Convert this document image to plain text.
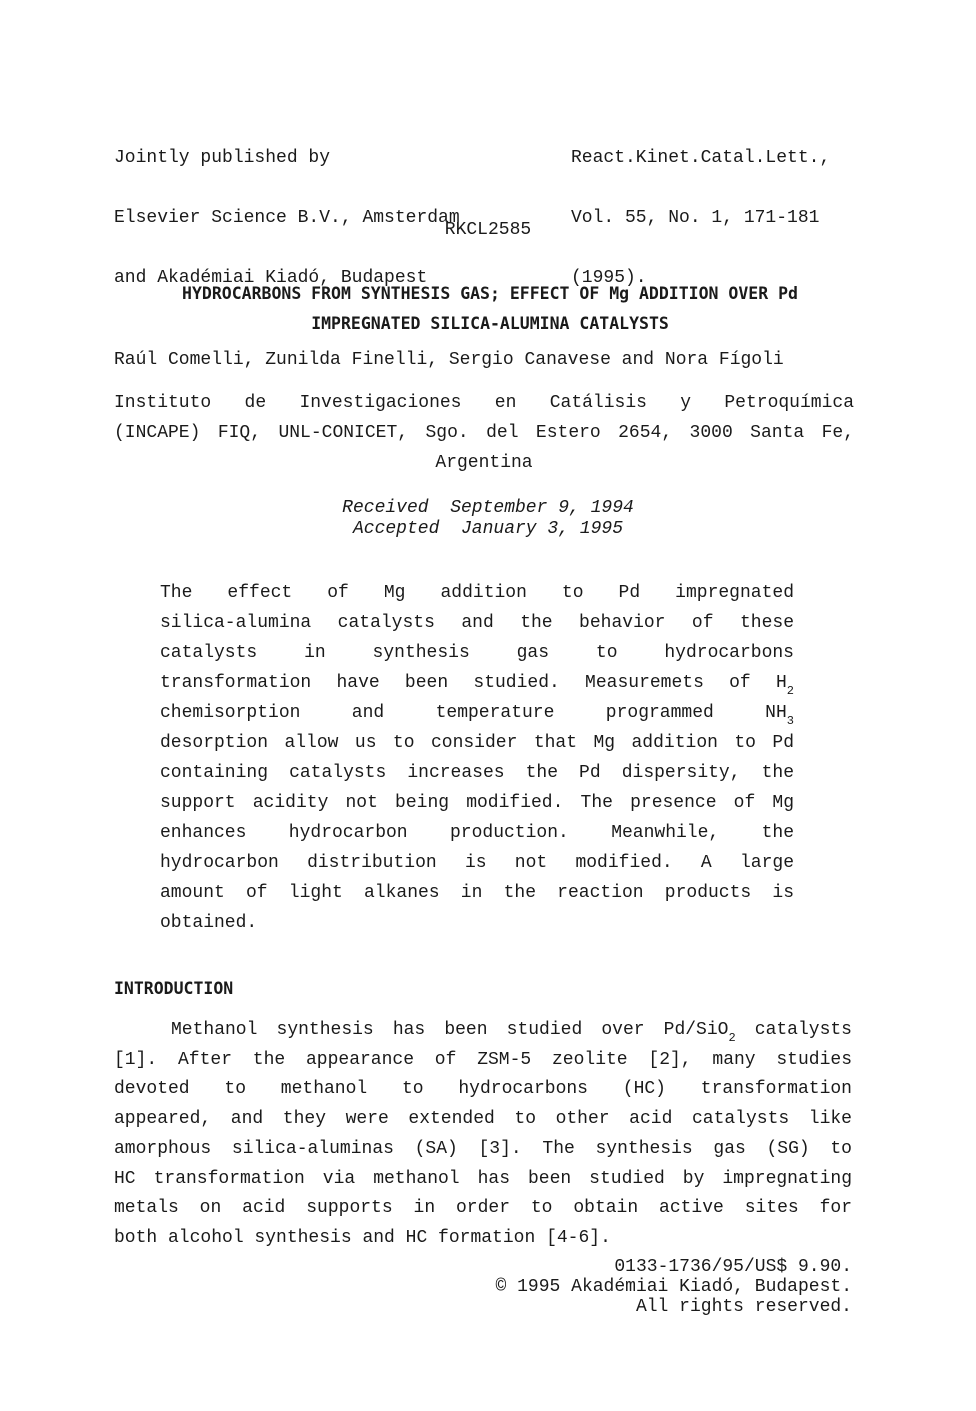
Jointly published by

Elsevier Science B.V., Amsterdam

and Akadémiai Kiadó, Budapest

React.Kinet.Catal.Lett.,

Vol. 55, No. 1, 171-181

(1995).

RKCL2585
HYDROCARBONS FROM SYNTHESIS GAS; EFFECT OF Mg ADDITION OVER Pd
IMPREGNATED SILICA-ALUMINA CATALYSTS
Raúl Comelli, Zunilda Finelli, Sergio Canavese and Nora Fígoli
Instituto de Investigaciones en Catálisis y Petroquímica
(INCAPE) FIQ, UNL-CONICET, Sgo. del Estero 2654, 3000 Santa Fe,
Argentina
Received  September 9, 1994
Accepted  January 3, 1995
The effect of Mg addition to Pd impregnated
silica-alumina catalysts and the behavior of these
catalysts in synthesis gas to hydrocarbons
transformation have been studied. Measuremets of $H_2$
chemisorption and temperature programmed $NH_3$
desorption allow us to consider that Mg addition to Pd
containing catalysts increases the Pd dispersity, the
support acidity not being modified. The presence of Mg
enhances hydrocarbon production. Meanwhile, the
hydrocarbon distribution is not modified. A large
amount of light alkanes in the reaction products is
obtained.
INTRODUCTION
Methanol synthesis has been studied over Pd/SiO$_2$ catalysts
[1]. After the appearance of ZSM-5 zeolite [2], many studies
devoted to methanol to hydrocarbons (HC) transformation
appeared, and they were extended to other acid catalysts like
amorphous silica-aluminas (SA) [3]. The synthesis gas (SG) to
HC transformation via methanol has been studied by impregnating
metals on acid supports in order to obtain active sites for
both alcohol synthesis and HC formation [4-6].
0133-1736/95/US$ 9.90.
© 1995 Akadémiai Kiadó, Budapest.
All rights reserved.
